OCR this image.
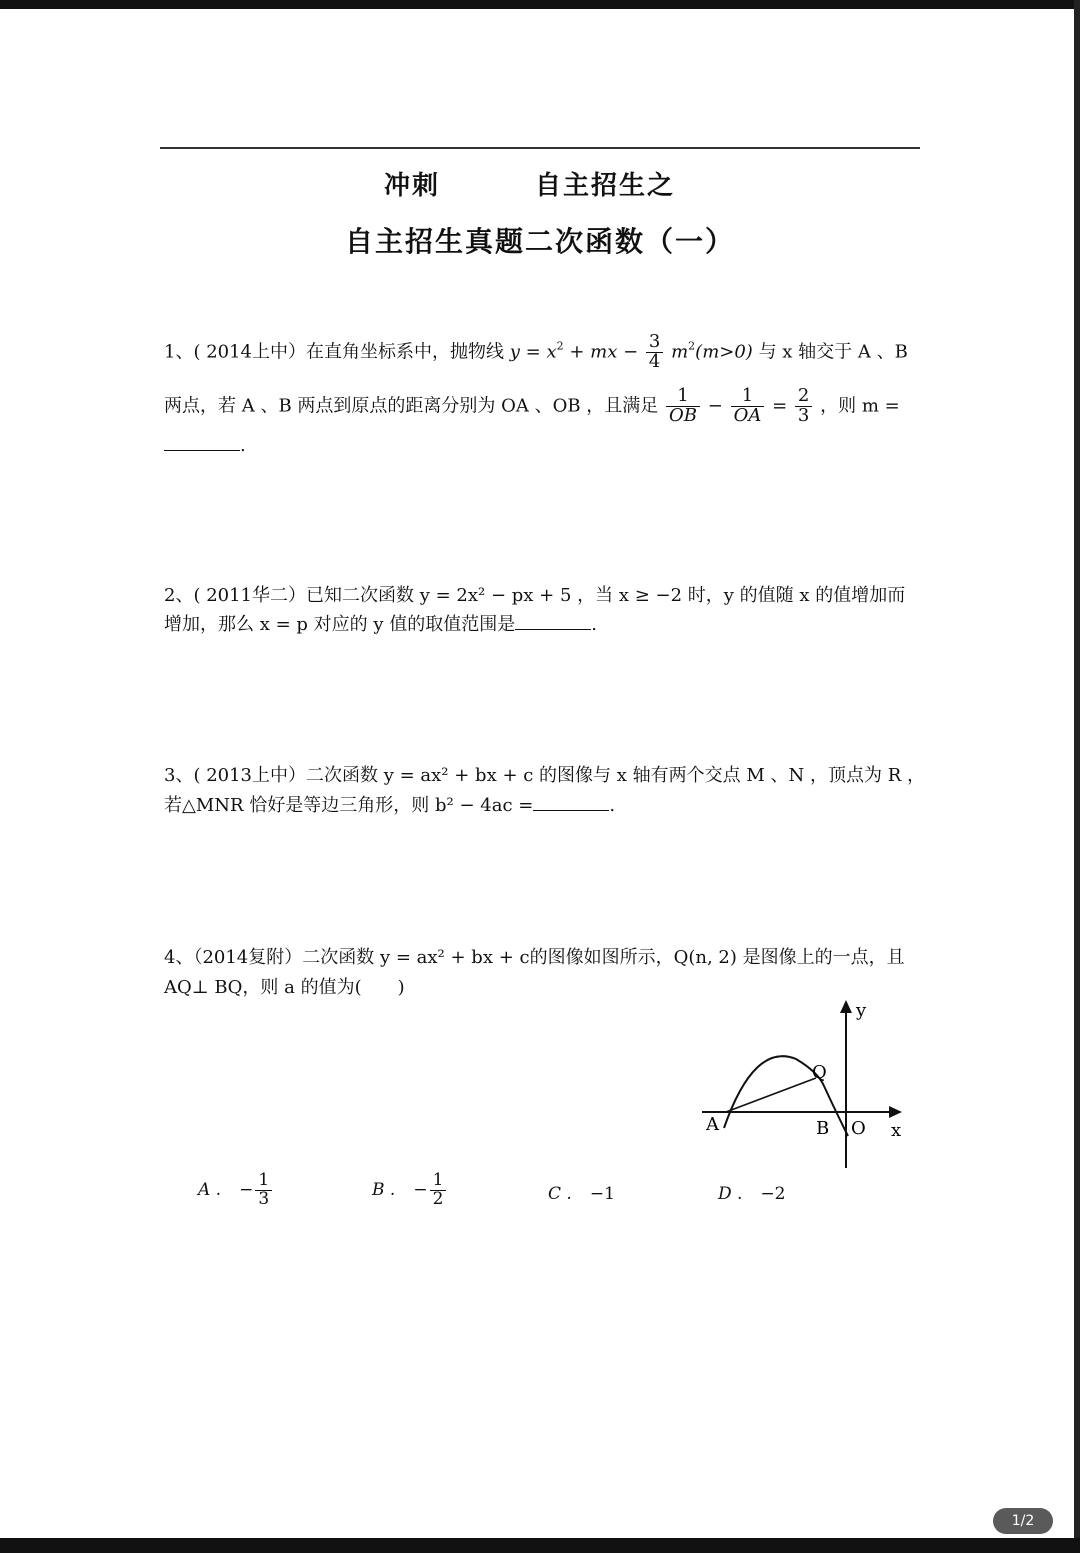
冲刺	自主招生之
自主招生真题二次函数（一）
1、( 2014上中）在直角坐标系中，抛物线 $y = x^2$ + mx − $\frac{3}{4} m^2(m>0)$ 与 x 轴交于 A 、B
两点，若 A 、B 两点到原点的距离分别为 OA 、OB ，且满足 $\frac{1}{OB} - \frac{1}{OA} = \frac{2}{3}$ ，则 m =
.
2、( 2011华二）已知二次函数 y = 2x² − px + 5 ，当 x ≥ −2 时，y 的值随 x 的值增加而
增加，那么 x = p 对应的 y 值的取值范围是	.
3、( 2013上中）二次函数 y = ax² + bx + c 的图像与 x 轴有两个交点 M 、N ，顶点为 R ，
若△MNR 恰好是等边三角形，则 b² − 4ac =	.
4、（2014复附）二次函数 y = ax² + bx + c的图像如图所示，Q(n, 2) 是图像上的一点，且
AQ⊥ BQ，则 a 的值为(　　)
y
x
Q
A	B O
A . − $\frac{1}{3}$	B . − $\frac{1}{2}$	C . −1	D . −2
1/2
